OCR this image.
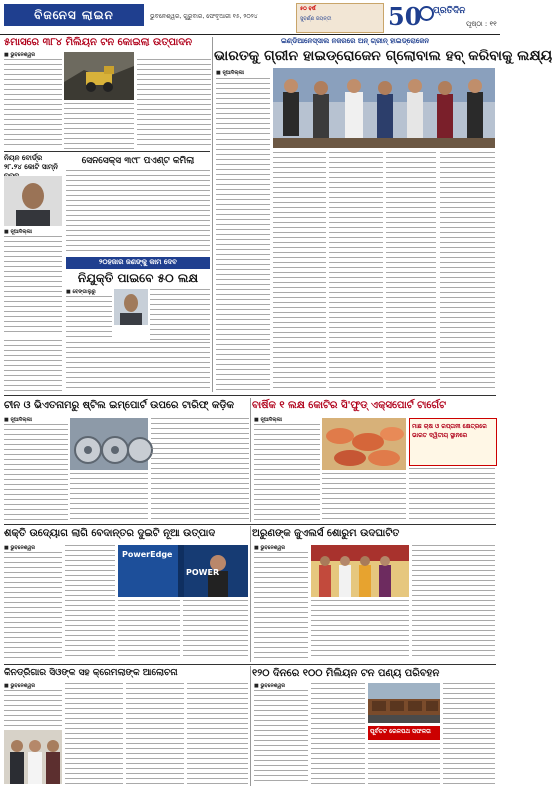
ବିଜନେସ ଲାଇନ	ଭୁବନେଶ୍ୱର, ଗୁରୁବାର, ଫେବୃଆରୀ ୧୫, ୨୦୨୪
୫୦ ବର୍ଷ
ସୁବର୍ଣ୍ଣ ଜୟନ୍ତୀ 50 ପ୍ରତିଦିନ
ପୃଷ୍ଠା : ୧୧
୫ମାସରେ ୩୮୪ ମିଲିୟନ ଟନ କୋଇଲା ଉତ୍ପାଦନ	ଇଣ୍ଡିଆନେସ୍‌ସାଲ ନଜରରେ ଅନ୍ ଗ୍ରୀନ୍ ହାଇଡ୍ରୋଜେନ
ଭାରତକୁ ଗ୍ରୀନ ହାଇଡ୍ରୋଜେନ ଗ୍ଲୋବାଲ ହବ୍ କରିବାକୁ ଲକ୍ଷ୍ୟ
■ ଭୁବନେଶ୍ୱର
■ ନୂଆଦିଲ୍ଲୀ
ନିୟନ ବୋର୍ଡ୍‌ର ୨୮.୨୪ କୋଟି ସାମ୍ନି
■ ନୂଆଦିଲ୍ଲୀ
ସେନସେକ୍ସ ୩୯୮ ପଏଣ୍ଟ କମିଲା
୨୦ହଜାର ଜଣଙ୍କୁ କାମ ଦେବ
ନିଯୁକ୍ତି ପାଇବେ ୫୦ ଲକ୍ଷ
■ ବେଙ୍ଗାଲୁରୁ
ଚୀନ ଓ ଭିଏତନାମରୁ ଷ୍ଟିଲ ଇମ୍ପୋର୍ଟ ଉପରେ ଟାରିଫ୍ କଡ଼ିକ	ବାର୍ଷିକ ୧ ଲକ୍ଷ କୋଟିର ସି'ଫୁଡ୍ ଏକ୍ସପୋର୍ଟ ଟାର୍ଗେଟ
■ ନୂଆଦିଲ୍ଲୀ	■ ନୂଆଦିଲ୍ଲୀ
ମାଛ ଚାଷ ଓ ରପ୍ତାନୀ କ୍ଷେତ୍ରରେ ଭାରତ ଦ୍ୱିତୀୟ ସ୍ଥାନରେ
ଶକ୍ତି ଉଦ୍ୟୋଗ ଲାଗି ବେଦାନ୍ତର ଦୁଇଟି ନୂଆ ଉତ୍ପାଦ	ଅରୁଣଙ୍କ ଜୁଏଲର୍ସ ଶୋରୁମ ଉଦଘାଟିତ
■ ଭୁବନେଶ୍ୱର
PowerEdge
POWER
■ ଭୁବନେଶ୍ୱର
କିନଡ୍ରିଗାର ସିଓଙ୍କ ସହ କ୍ରେମଲାଙ୍କ ଆଲୋଚନା	୧୨୦ ଦିନରେ ୧୦୦ ମିଲିୟନ ଟନ ପଣ୍ୟ ପରିବହନ
■ ଭୁବନେଶ୍ୱର	■ ଭୁବନେଶ୍ୱର
ପୂର୍ବତଟ ରେଳପଥ ସଫଳତା
